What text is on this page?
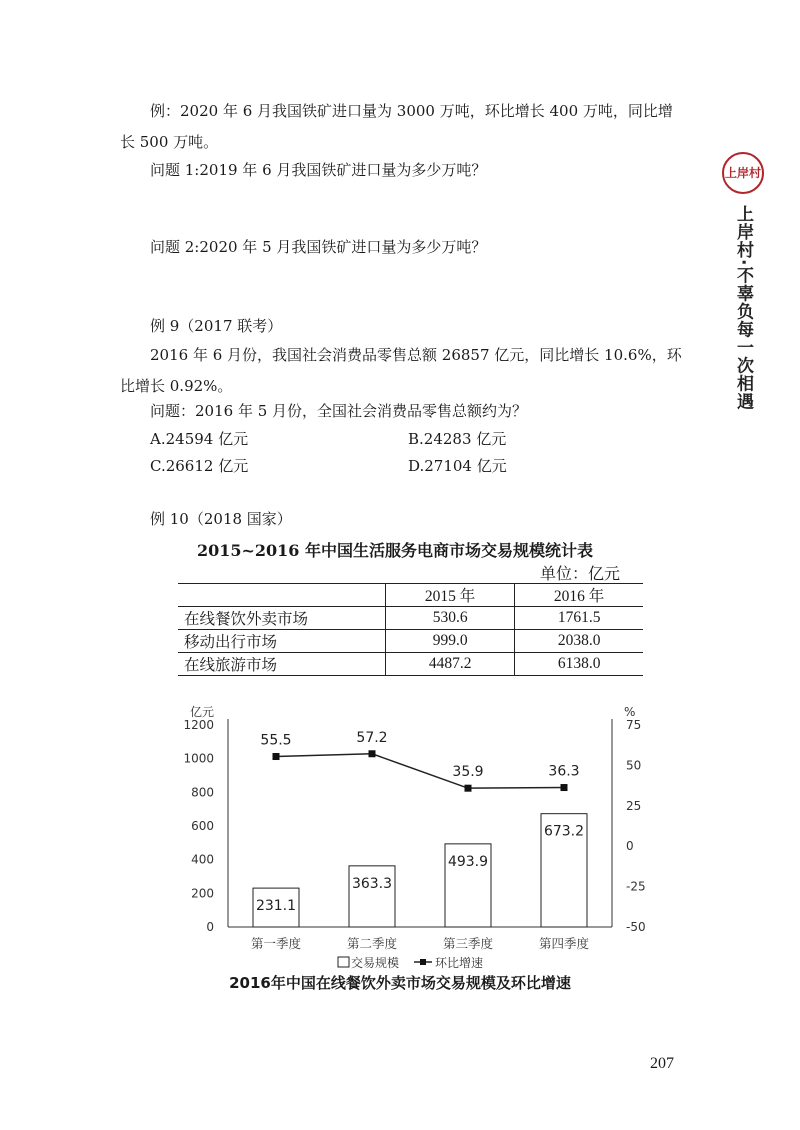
上岸村
上岸村·不辜负每一次相遇
例：2020 年 6 月我国铁矿进口量为 3000 万吨，环比增长 400 万吨，同比增
长 500 万吨。
问题 1:2019 年 6 月我国铁矿进口量为多少万吨？
问题 2:2020 年 5 月我国铁矿进口量为多少万吨？
例 9（2017 联考）
2016 年 6 月份，我国社会消费品零售总额 26857 亿元，同比增长 10.6%，环
比增长 0.92%。
问题：2016 年 5 月份，全国社会消费品零售总额约为？
A.24594 亿元	B.24283 亿元
C.26612 亿元	D.27104 亿元
例 10（2018 国家）
2015~2016 年中国生活服务电商市场交易规模统计表
单位：亿元
	2015 年	2016 年
在线餐饮外卖市场	530.6	1761.5
移动出行市场	999.0	2038.0
在线旅游市场	4487.2	6138.0
亿元	%
0
200
400
600
800
1000
1200
-50
-25
0
25
50
75
231.1
363.3
493.9
673.2
55.5	57.2
35.9	36.3
第一季度	第二季度	第三季度	第四季度
交易规模	环比增速
2016年中国在线餐饮外卖市场交易规模及环比增速
207
